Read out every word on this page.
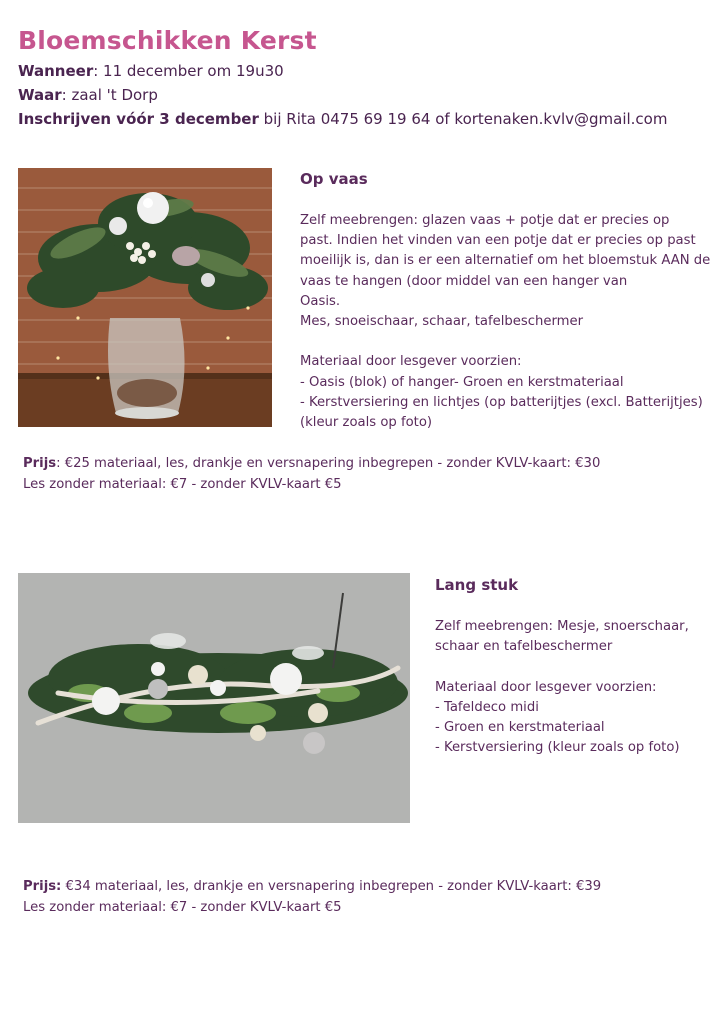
Bloemschikken Kerst
Wanneer: 11 december om 19u30
Waar: zaal 't Dorp
Inschrijven vóór 3 december bij Rita 0475 69 19 64 of kortenaken.kvlv@gmail.com
Op vaas
Zelf meebrengen: glazen vaas + potje dat er precies op
past. Indien het vinden van een potje dat er precies op past
moeilijk is, dan is er een alternatief om het bloemstuk AAN de
vaas te hangen (door middel van een hanger van
Oasis.
Mes, snoeischaar, schaar, tafelbeschermer

Materiaal door lesgever voorzien:
- Oasis (blok) of hanger- Groen en kerstmateriaal
- Kerstversiering en lichtjes (op batterijtjes (excl. Batterijtjes)
(kleur zoals op foto)
Prijs: €25 materiaal, les, drankje en versnapering inbegrepen - zonder KVLV-kaart: €30
Les zonder materiaal: €7 - zonder KVLV-kaart €5
Lang stuk
Zelf meebrengen: Mesje, snoerschaar,
schaar en tafelbeschermer

Materiaal door lesgever voorzien:
- Tafeldeco midi
- Groen en kerstmateriaal
- Kerstversiering (kleur zoals op foto)
Prijs: €34 materiaal, les, drankje en versnapering inbegrepen - zonder KVLV-kaart: €39
Les zonder materiaal: €7 - zonder KVLV-kaart €5
